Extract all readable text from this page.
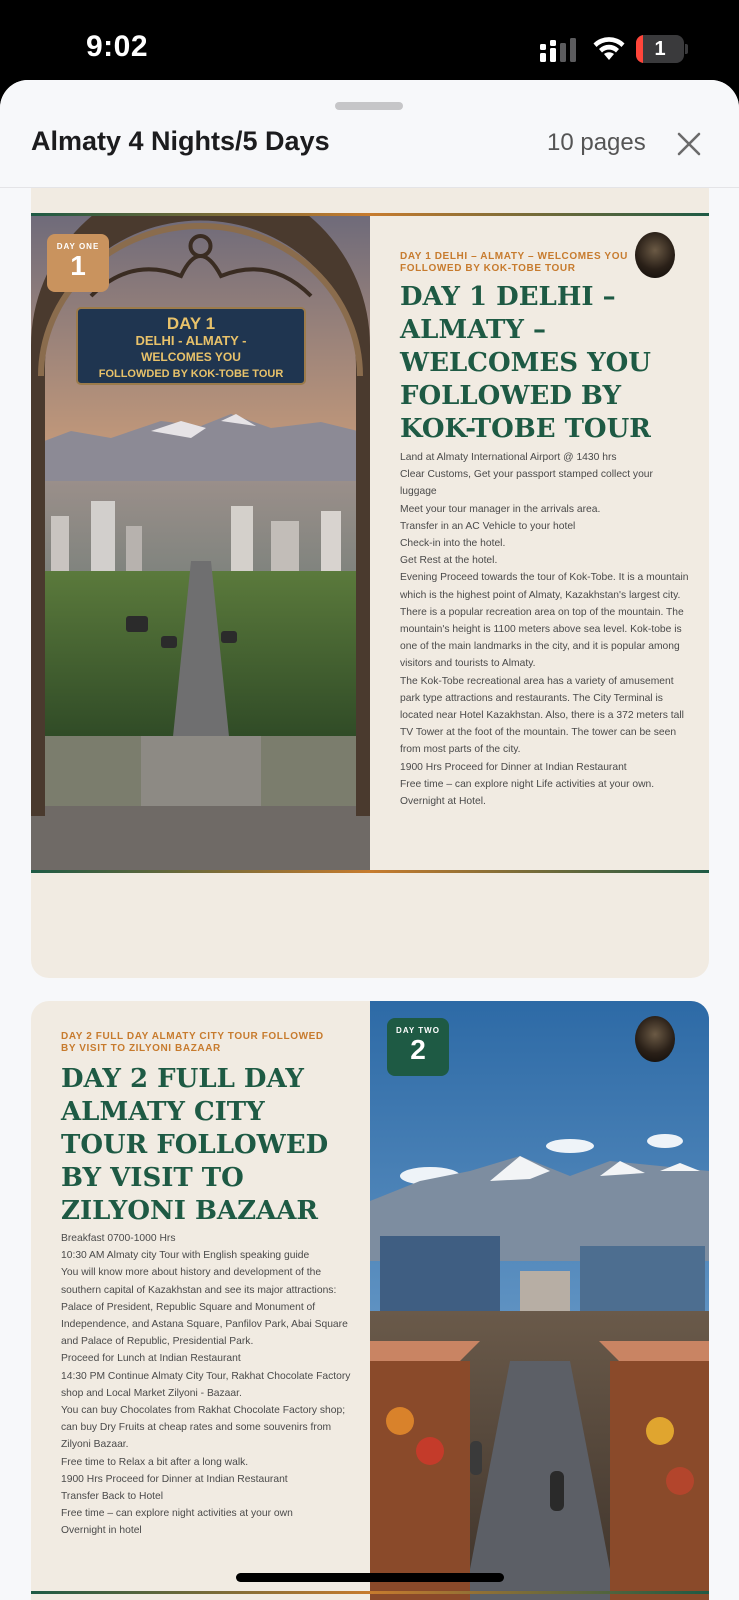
9:02	1
Almaty 4 Nights/5 Days	10 pages
DAY 1
DELHI - ALMATY -
WELCOMES YOU
FOLLOWDED BY KOK-TOBE TOUR
DAY ONE
1	DAY 1 DELHI – ALMATY – WELCOMES YOU FOLLOWED BY KOK-TOBE TOUR
DAY 1 DELHI – ALMATY – WELCOMES YOU FOLLOWED BY KOK-TOBE TOUR

Land at Almaty International Airport @ 1430 hrs

Clear Customs, Get your passport stamped collect your luggage

Meet your tour manager in the arrivals area.

Transfer in an AC Vehicle to your hotel

Check-in into the hotel.

Get Rest at the hotel.

Evening Proceed towards the tour of Kok-Tobe. It is a mountain which is the highest point of Almaty, Kazakhstan's largest city. There is a popular recreation area on top of the mountain. The mountain's height is 1100 meters above sea level. Kok-tobe is one of the main landmarks in the city, and it is popular among visitors and tourists to Almaty.

The Kok-Tobe recreational area has a variety of amusement park type attractions and restaurants. The City Terminal is located near Hotel Kazakhstan. Also, there is a 372 meters tall TV Tower at the foot of the mountain. The tower can be seen from most parts of the city.

1900 Hrs Proceed for Dinner at Indian Restaurant

Free time – can explore night Life activities at your own.

Overnight at Hotel.

DAY 2 FULL DAY ALMATY CITY TOUR FOLLOWED BY VISIT TO ZILYONI BAZAAR
DAY 2 FULL DAY ALMATY CITY TOUR FOLLOWED BY VISIT TO ZILYONI BAZAAR

Breakfast 0700-1000 Hrs

10:30 AM Almaty city Tour with English speaking guide

You will know more about history and development of the southern capital of Kazakhstan and see its major attractions: Palace of President, Republic Square and Monument of Independence, and Astana Square, Panfilov Park, Abai Square and Palace of Republic, Presidential Park.

Proceed for Lunch at Indian Restaurant

14:30 PM Continue Almaty City Tour, Rakhat Chocolate Factory shop and Local Market Zilyoni - Bazaar.

You can buy Chocolates from Rakhat Chocolate Factory shop; can buy Dry Fruits at cheap rates and some souvenirs from Zilyoni Bazaar.

Free time to Relax a bit after a long walk.

1900 Hrs Proceed for Dinner at Indian Restaurant

Transfer Back to Hotel

Free time – can explore night activities at your own

Overnight in hotel

DAY TWO
2
